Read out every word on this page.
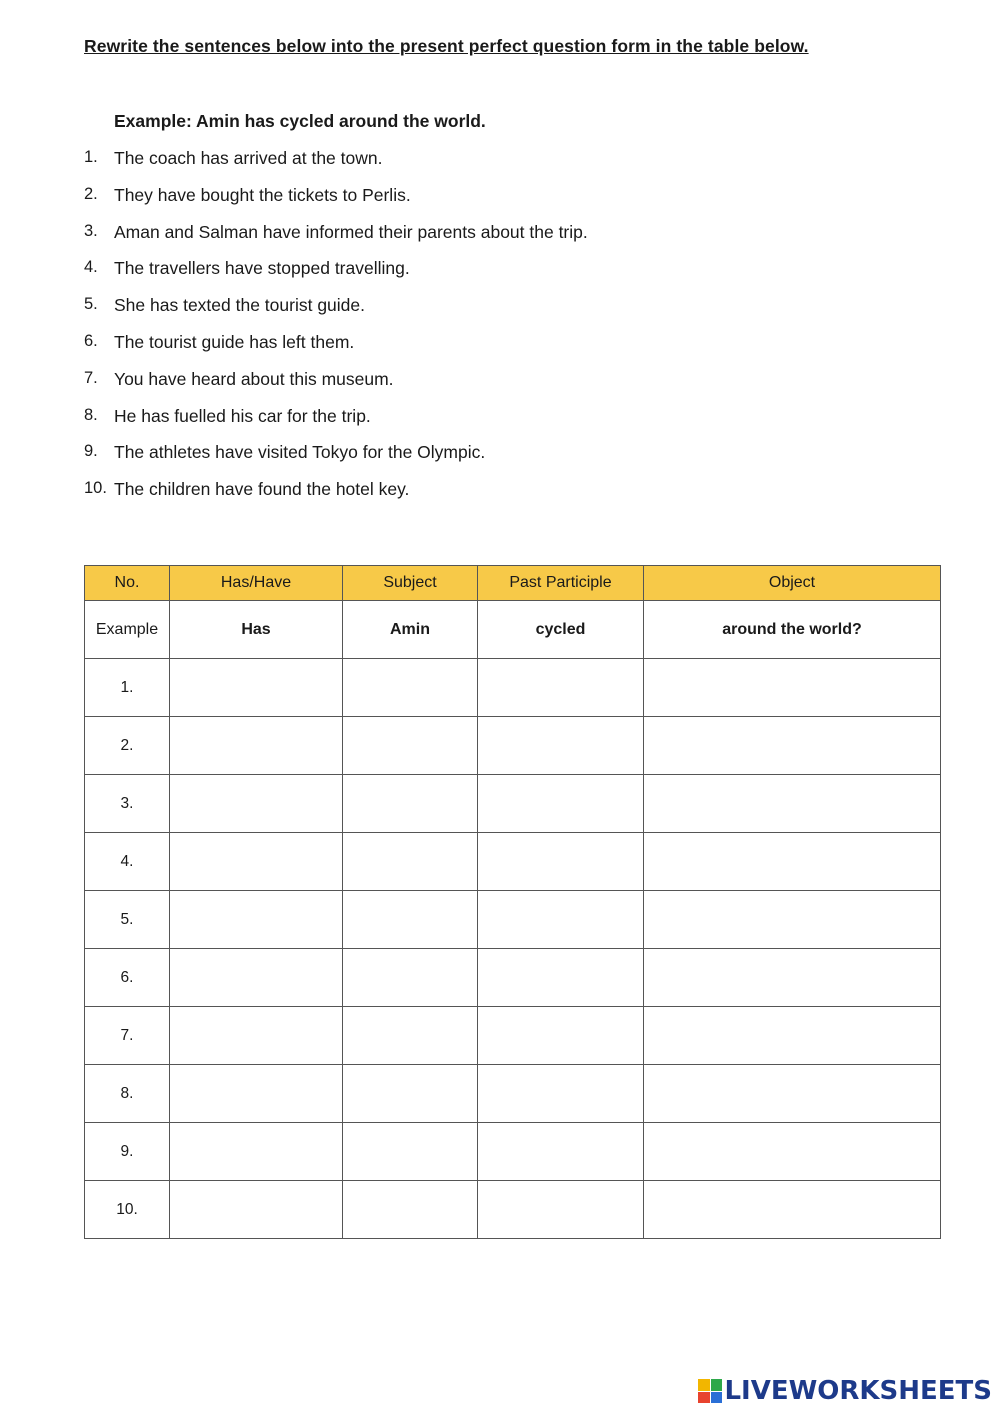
Rewrite the sentences below into the present perfect question form in the table below.
Example: Amin has cycled around the world.
1. The coach has arrived at the town.
2. They have bought the tickets to Perlis.
3. Aman and Salman have informed their parents about the trip.
4. The travellers have stopped travelling.
5. She has texted the tourist guide.
6. The tourist guide has left them.
7. You have heard about this museum.
8. He has fuelled his car for the trip.
9. The athletes have visited Tokyo for the Olympic.
10. The children have found the hotel key.
No.	Has/Have	Subject	Past Participle	Object
Example	Has	Amin	cycled	around the world?
1.				
2.				
3.				
4.				
5.				
6.				
7.				
8.				
9.				
10.				
LIVEWORKSHEETS
